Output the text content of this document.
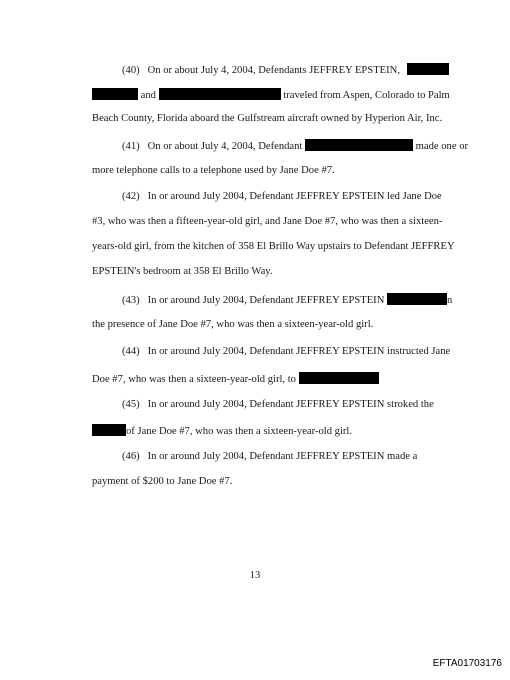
(40)   On or about July 4, 2004, Defendants JEFFREY EPSTEIN,
and	traveled from Aspen, Colorado to Palm
Beach County, Florida aboard the Gulfstream aircraft owned by Hyperion Air, Inc.
(41)   On or about July 4, 2004, Defendant	made one or
more telephone calls to a telephone used by Jane Doe #7.
(42)   In or around July 2004, Defendant JEFFREY EPSTEIN led Jane Doe
#3, who was then a fifteen-year-old girl, and Jane Doe #7, who was then a sixteen-
years-old girl, from the kitchen of 358 El Brillo Way upstairs to Defendant JEFFREY
EPSTEIN's bedroom at 358 El Brillo Way.
(43)   In or around July 2004, Defendant JEFFREY EPSTEIN	n
the presence of Jane Doe #7, who was then a sixteen-year-old girl.
(44)   In or around July 2004, Defendant JEFFREY EPSTEIN instructed Jane
Doe #7, who was then a sixteen-year-old girl, to
(45)   In or around July 2004, Defendant JEFFREY EPSTEIN stroked the
of Jane Doe #7, who was then a sixteen-year-old girl.
(46)   In or around July 2004, Defendant JEFFREY EPSTEIN made a
payment of $200 to Jane Doe #7.
13
EFTA01703176
